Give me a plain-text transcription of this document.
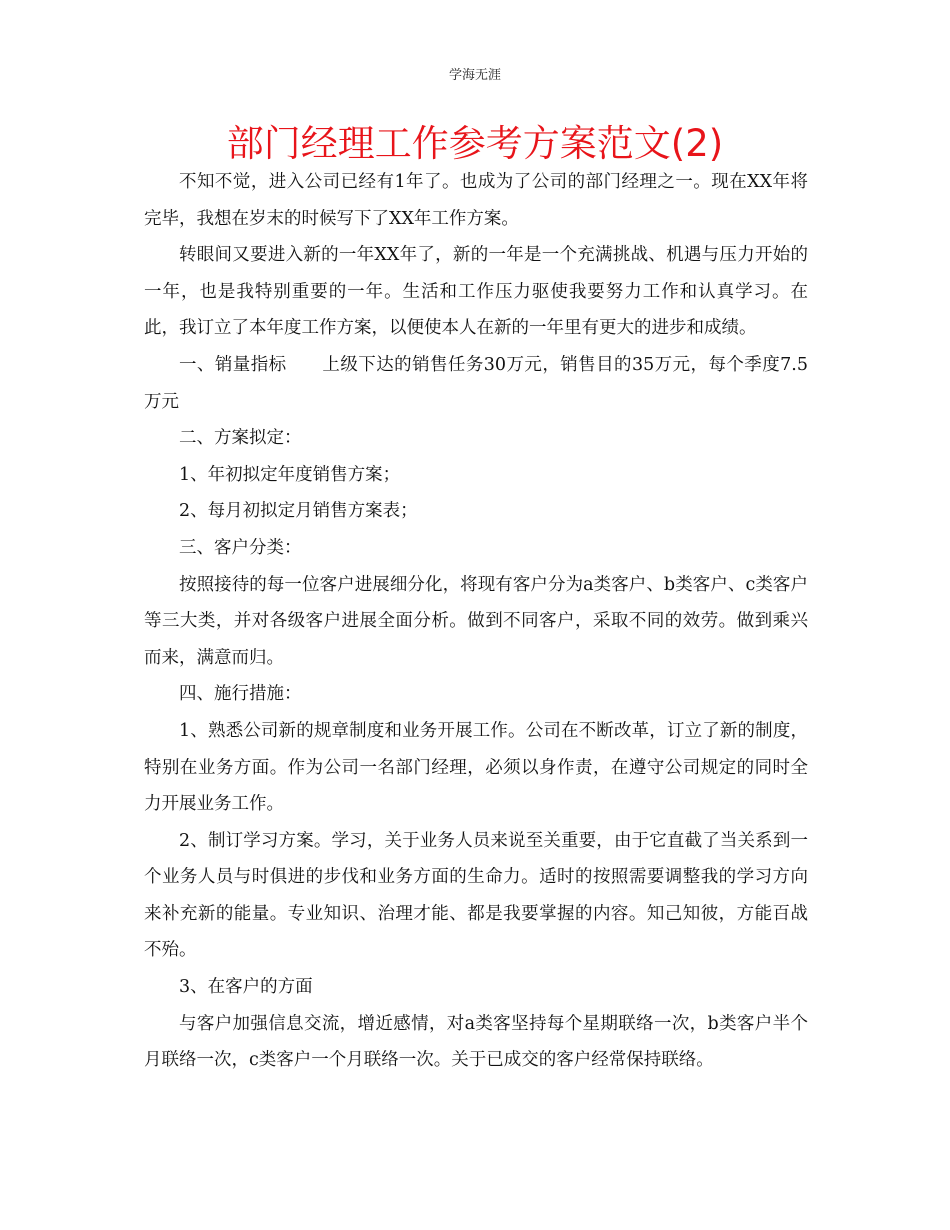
学海无涯
部门经理工作参考方案范文(2)

不知不觉，进入公司已经有1年了。也成为了公司的部门经理之一。现在XX年将完毕，我想在岁末的时候写下了XX年工作方案。

转眼间又要进入新的一年XX年了，新的一年是一个充满挑战、机遇与压力开始的一年，也是我特别重要的一年。生活和工作压力驱使我要努力工作和认真学习。在此，我订立了本年度工作方案，以便使本人在新的一年里有更大的进步和成绩。

一、销量指标　　上级下达的销售任务30万元，销售目的35万元，每个季度7.5万元

二、方案拟定：

1、年初拟定年度销售方案；

2、每月初拟定月销售方案表；

三、客户分类：

按照接待的每一位客户进展细分化，将现有客户分为a类客户、b类客户、c类客户等三大类，并对各级客户进展全面分析。做到不同客户，采取不同的效劳。做到乘兴而来，满意而归。

四、施行措施：

1、熟悉公司新的规章制度和业务开展工作。公司在不断改革，订立了新的制度，特别在业务方面。作为公司一名部门经理，必须以身作责，在遵守公司规定的同时全力开展业务工作。

2、制订学习方案。学习，关于业务人员来说至关重要，由于它直截了当关系到一个业务人员与时俱进的步伐和业务方面的生命力。适时的按照需要调整我的学习方向来补充新的能量。专业知识、治理才能、都是我要掌握的内容。知己知彼，方能百战不殆。

3、在客户的方面

与客户加强信息交流，增近感情，对a类客坚持每个星期联络一次，b类客户半个月联络一次，c类客户一个月联络一次。关于已成交的客户经常保持联络。
